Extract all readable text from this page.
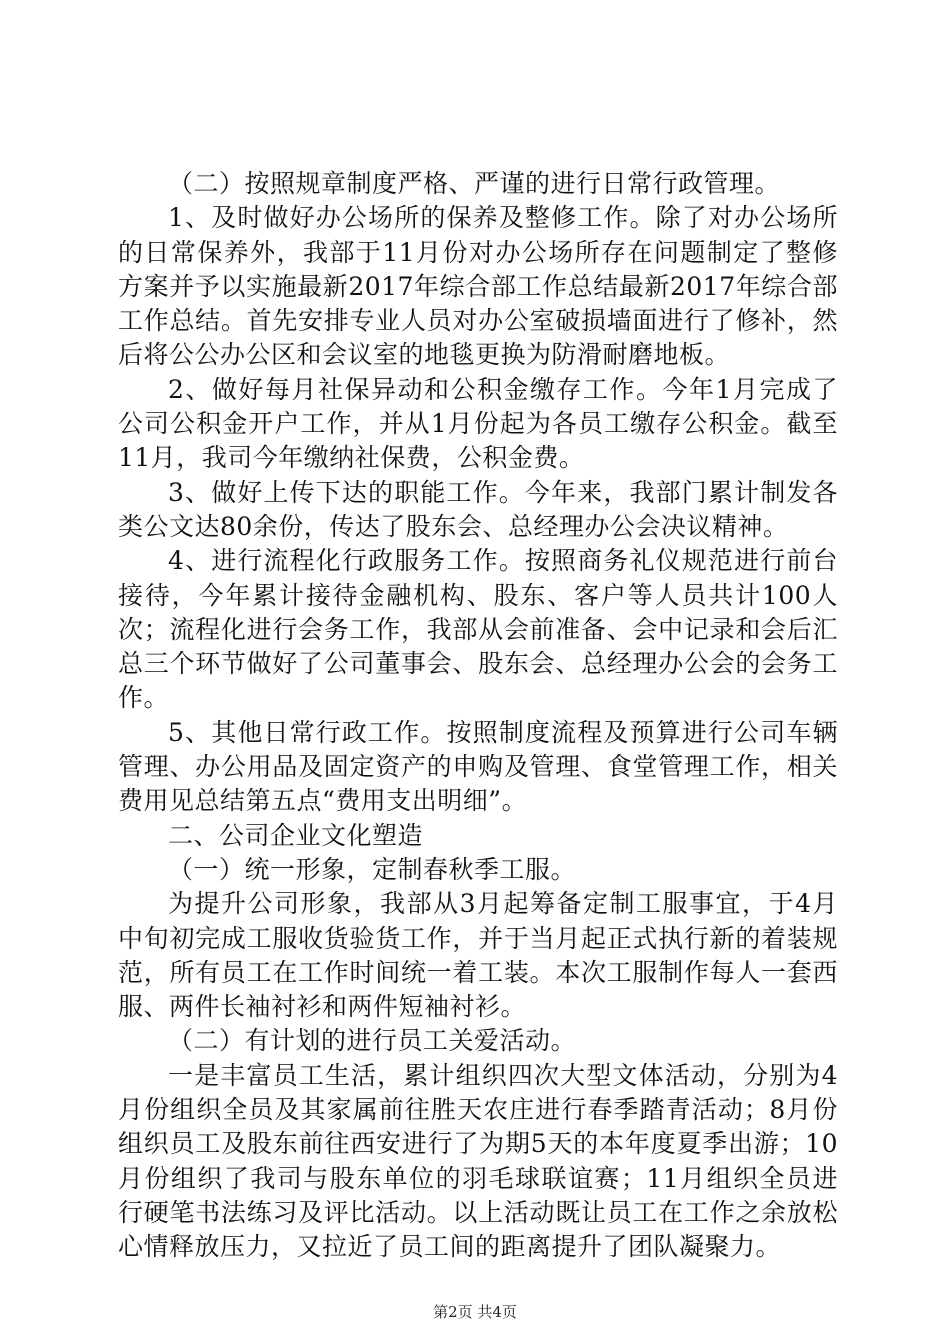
（二）按照规章制度严格、严谨的进行日常行政管理。

1、及时做好办公场所的保养及整修工作。除了对办公场所的日常保养外，我部于11月份对办公场所存在问题制定了整修方案并予以实施最新2017年综合部工作总结最新2017年综合部工作总结。首先安排专业人员对办公室破损墙面进行了修补，然后将公公办公区和会议室的地毯更换为防滑耐磨地板。

2、做好每月社保异动和公积金缴存工作。今年1月完成了公司公积金开户工作，并从1月份起为各员工缴存公积金。截至11月，我司今年缴纳社保费，公积金费。

3、做好上传下达的职能工作。今年来，我部门累计制发各类公文达80余份，传达了股东会、总经理办公会决议精神。

4、进行流程化行政服务工作。按照商务礼仪规范进行前台接待，今年累计接待金融机构、股东、客户等人员共计100人次；流程化进行会务工作，我部从会前准备、会中记录和会后汇总三个环节做好了公司董事会、股东会、总经理办公会的会务工作。

5、其他日常行政工作。按照制度流程及预算进行公司车辆管理、办公用品及固定资产的申购及管理、食堂管理工作，相关费用见总结第五点“费用支出明细”。

二、公司企业文化塑造

（一）统一形象，定制春秋季工服。

为提升公司形象，我部从3月起筹备定制工服事宜，于4月中旬初完成工服收货验货工作，并于当月起正式执行新的着装规范，所有员工在工作时间统一着工装。本次工服制作每人一套西服、两件长袖衬衫和两件短袖衬衫。

（二）有计划的进行员工关爱活动。

一是丰富员工生活，累计组织四次大型文体活动，分别为4月份组织全员及其家属前往胜天农庄进行春季踏青活动；8月份组织员工及股东前往西安进行了为期5天的本年度夏季出游；10月份组织了我司与股东单位的羽毛球联谊赛；11月组织全员进行硬笔书法练习及评比活动。以上活动既让员工在工作之余放松心情释放压力，又拉近了员工间的距离提升了团队凝聚力。

第2页 共4页
